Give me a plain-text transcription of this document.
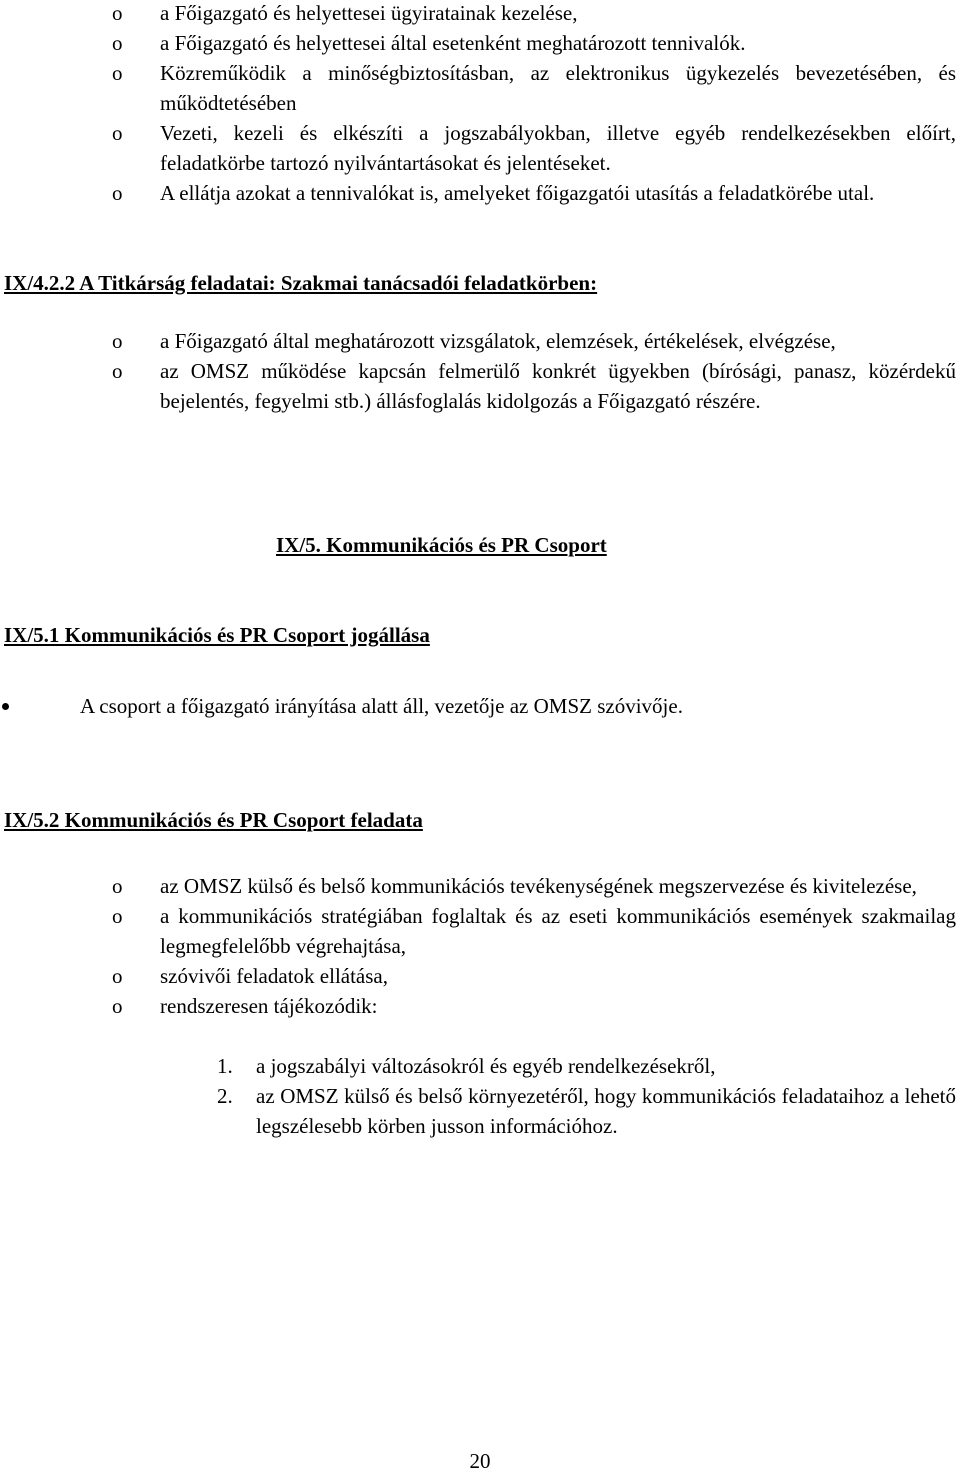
o a Főigazgató és helyettesei ügyiratainak kezelése,
o a Főigazgató és helyettesei által esetenként meghatározott tennivalók.
o Közreműködik a minőségbiztosításban, az elektronikus ügykezelés bevezetésében, és működtetésében
o Vezeti, kezeli és elkészíti a jogszabályokban, illetve egyéb rendelkezésekben előírt, feladatkörbe tartozó nyilvántartásokat és jelentéseket.
o A ellátja azokat a tennivalókat is, amelyeket főigazgatói utasítás a feladatkörébe utal.
IX/4.2.2 A Titkárság feladatai: Szakmai tanácsadói feladatkörben:
o a Főigazgató által meghatározott vizsgálatok, elemzések, értékelések, elvégzése,
o az OMSZ működése kapcsán felmerülő konkrét ügyekben (bírósági, panasz, közérdekű bejelentés, fegyelmi stb.) állásfoglalás kidolgozás a Főigazgató részére.
IX/5. Kommunikációs és PR Csoport
IX/5.1 Kommunikációs és PR Csoport jogállása
A csoport a főigazgató irányítása alatt áll, vezetője az OMSZ szóvivője.
IX/5.2 Kommunikációs és PR Csoport feladata
o az OMSZ külső és belső kommunikációs tevékenységének megszervezése és kivitelezése,
o a kommunikációs stratégiában foglaltak és az eseti kommunikációs események szakmailag legmegfelelőbb végrehajtása,
o szóvivői feladatok ellátása,
o rendszeresen tájékozódik:
1. a jogszabályi változásokról és egyéb rendelkezésekről,
2. az OMSZ külső és belső környezetéről, hogy kommunikációs feladataihoz a lehető legszélesebb körben jusson információhoz.
20
